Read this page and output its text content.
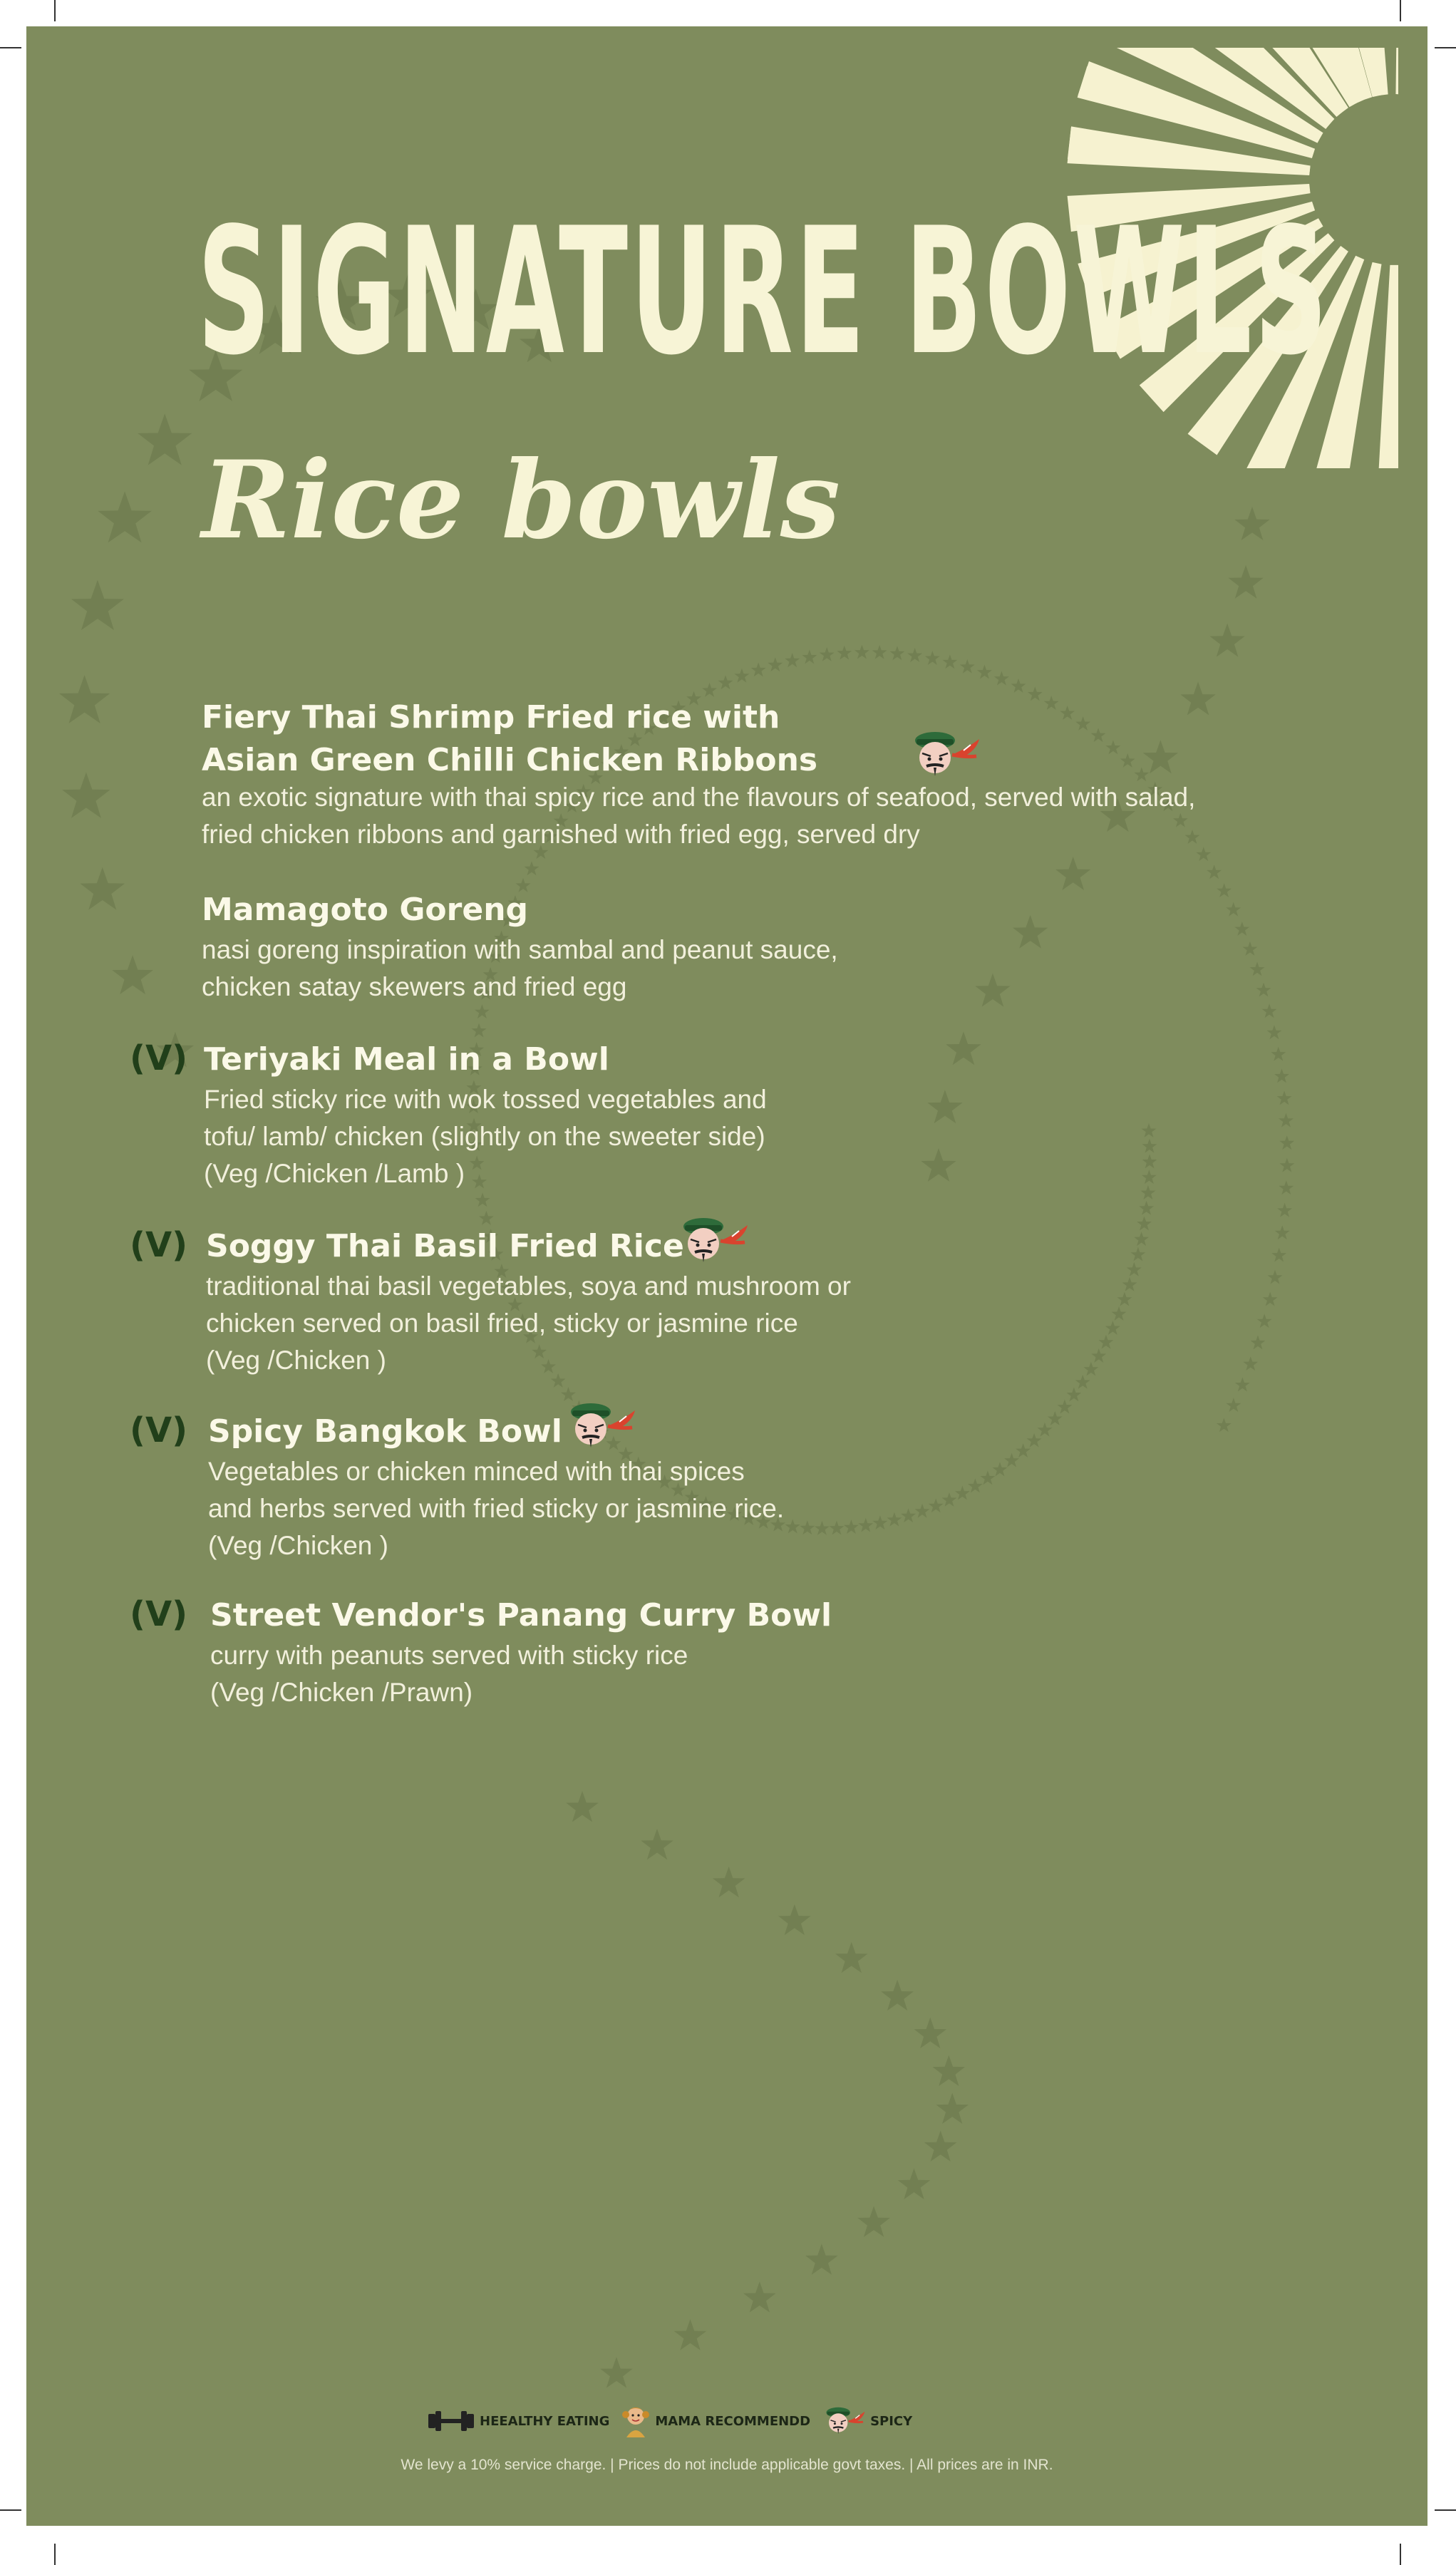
SIGNATURE BOWLS
Rice bowls
Fiery Thai Shrimp Fried rice with
Asian Green Chilli Chicken Ribbons
an exotic signature with thai spicy rice and the flavours of seafood, served with salad,
fried chicken ribbons and garnished with fried egg, served dry
Mamagoto Goreng
nasi goreng inspiration with sambal and peanut sauce,
chicken satay skewers and fried egg
(V) Teriyaki Meal in a Bowl
Fried sticky rice with wok tossed vegetables and
tofu/ lamb/ chicken (slightly on the sweeter side)
(Veg /Chicken /Lamb )
(V) Soggy Thai Basil Fried Rice
traditional thai basil vegetables, soya and mushroom or
chicken served on basil fried, sticky or jasmine rice
(Veg /Chicken )
(V) Spicy Bangkok Bowl
Vegetables or chicken minced with thai spices
and herbs served with fried sticky or jasmine rice.
(Veg /Chicken )
(V) Street Vendor's Panang Curry Bowl
curry with peanuts served with sticky rice
(Veg /Chicken /Prawn)
HEEALTHY EATING	MAMA RECOMMENDD	SPICY
We levy a 10% service charge. | Prices do not include applicable govt taxes. | All prices are in INR.
